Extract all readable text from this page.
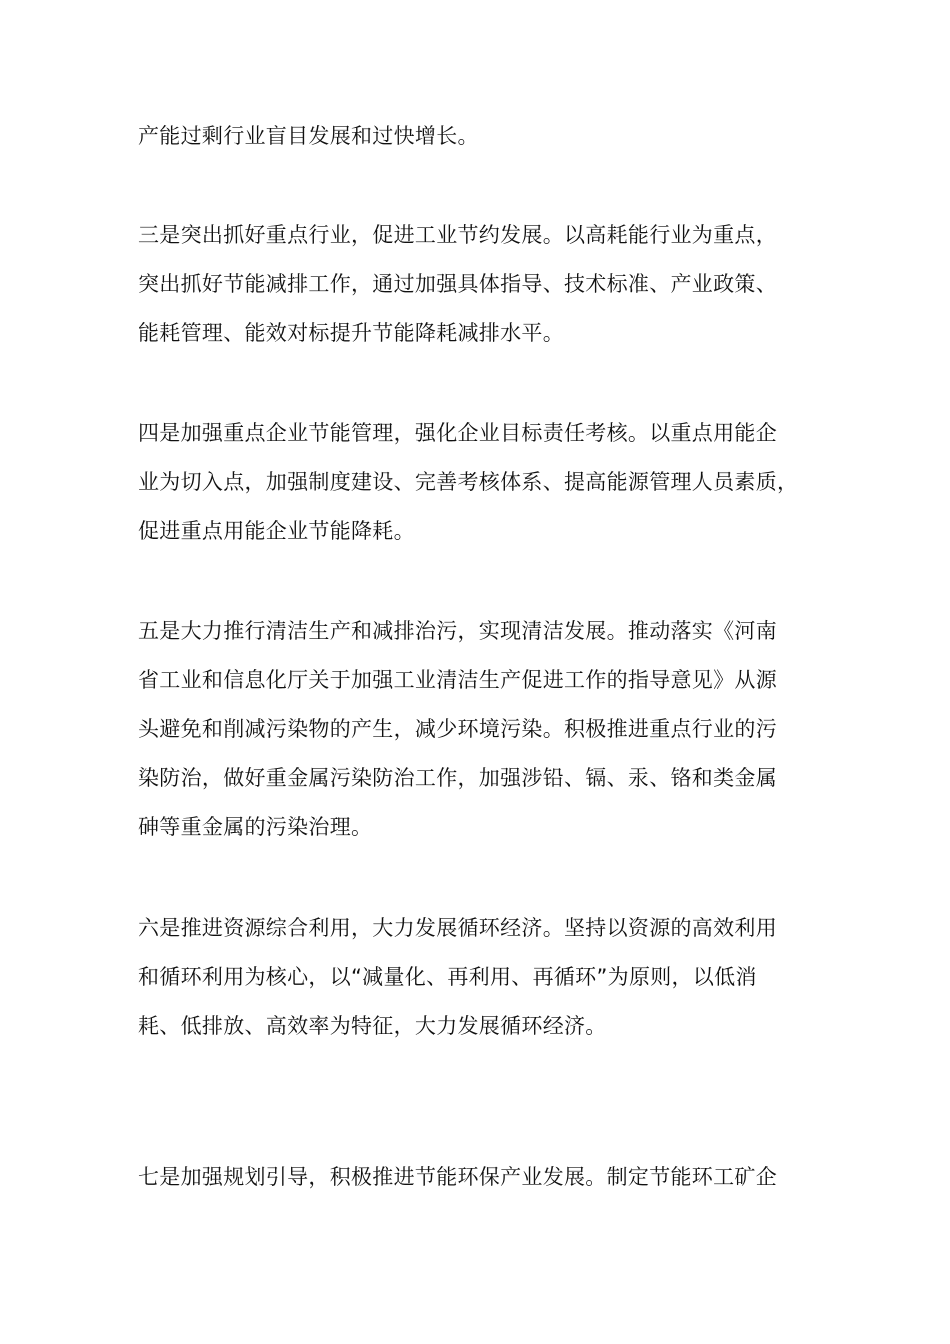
产能过剩行业盲目发展和过快增长。
三是突出抓好重点行业，促进工业节约发展。以高耗能行业为重点，
突出抓好节能减排工作，通过加强具体指导、技术标准、产业政策、
能耗管理、能效对标提升节能降耗减排水平。
四是加强重点企业节能管理，强化企业目标责任考核。以重点用能企
业为切入点，加强制度建设、完善考核体系、提高能源管理人员素质，
促进重点用能企业节能降耗。
五是大力推行清洁生产和减排治污，实现清洁发展。推动落实《河南
省工业和信息化厅关于加强工业清洁生产促进工作的指导意见》从源
头避免和削减污染物的产生，减少环境污染。积极推进重点行业的污
染防治，做好重金属污染防治工作，加强涉铅、镉、汞、铬和类金属
砷等重金属的污染治理。
六是推进资源综合利用，大力发展循环经济。坚持以资源的高效利用
和循环利用为核心，以“减量化、再利用、再循环”为原则，以低消
耗、低排放、高效率为特征，大力发展循环经济。
七是加强规划引导，积极推进节能环保产业发展。制定节能环工矿企
